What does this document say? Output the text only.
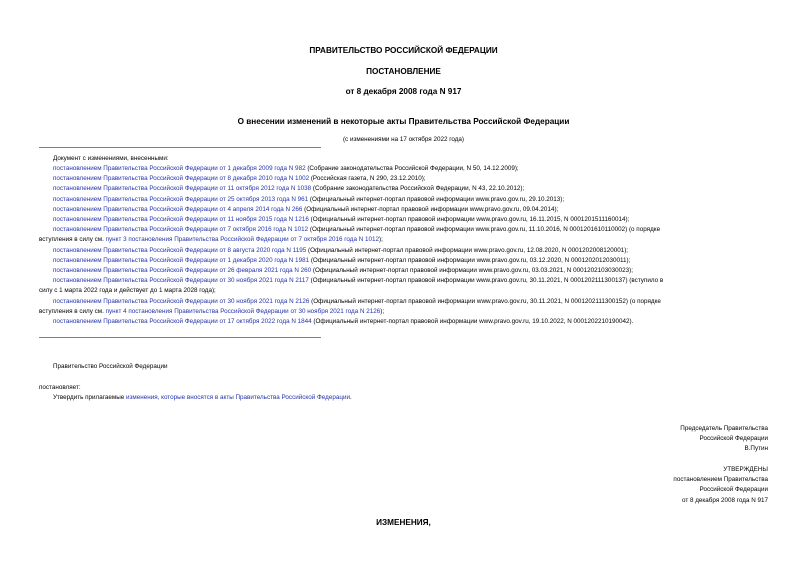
ПРАВИТЕЛЬСТВО РОССИЙСКОЙ ФЕДЕРАЦИИ
ПОСТАНОВЛЕНИЕ
от 8 декабря 2008 года N 917
О внесении изменений в некоторые акты Правительства Российской Федерации
(с изменениями на 17 октября 2022 года)
Документ с изменениями, внесенными:
постановлением Правительства Российской Федерации от 1 декабря 2009 года N 982 (Собрание законодательства Российской Федерации, N 50, 14.12.2009);
постановлением Правительства Российской Федерации от 8 декабря 2010 года N 1002 (Российская газета, N 290, 23.12.2010);
постановлением Правительства Российской Федерации от 11 октября 2012 года N 1038 (Собрание законодательства Российской Федерации, N 43, 22.10.2012);
постановлением Правительства Российской Федерации от 25 октября 2013 года N 961 (Официальный интернет-портал правовой информации www.pravo.gov.ru, 29.10.2013);
постановлением Правительства Российской Федерации от 4 апреля 2014 года N 266 (Официальный интернет-портал правовой информации www.pravo.gov.ru, 09.04.2014);
постановлением Правительства Российской Федерации от 11 ноября 2015 года N 1216 (Официальный интернет-портал правовой информации www.pravo.gov.ru, 16.11.2015, N 0001201511160014);
постановлением Правительства Российской Федерации от 7 октября 2016 года N 1012 (Официальный интернет-портал правовой информации www.pravo.gov.ru, 11.10.2016, N 0001201610110002) (о порядке
вступления в силу см. пункт 3 постановления Правительства Российской Федерации от 7 октября 2016 года N 1012);
постановлением Правительства Российской Федерации от 8 августа 2020 года N 1195 (Официальный интернет-портал правовой информации www.pravo.gov.ru, 12.08.2020, N 0001202008120001);
постановлением Правительства Российской Федерации от 1 декабря 2020 года N 1981 (Официальный интернет-портал правовой информации www.pravo.gov.ru, 03.12.2020, N 0001202012030011);
постановлением Правительства Российской Федерации от 26 февраля 2021 года N 260 (Официальный интернет-портал правовой информации www.pravo.gov.ru, 03.03.2021, N 0001202103030023);
постановлением Правительства Российской Федерации от 30 ноября 2021 года N 2117 (Официальный интернет-портал правовой информации www.pravo.gov.ru, 30.11.2021, N 0001202111300137) (вступило в
силу с 1 марта 2022 года и действует до 1 марта 2028 года);
постановлением Правительства Российской Федерации от 30 ноября 2021 года N 2126 (Официальный интернет-портал правовой информации www.pravo.gov.ru, 30.11.2021, N 0001202111300152) (о порядке
вступления в силу см. пункт 4 постановления Правительства Российской Федерации от 30 ноября 2021 года N 2126);
постановлением Правительства Российской Федерации от 17 октября 2022 года N 1844 (Официальный интернет-портал правовой информации www.pravo.gov.ru, 19.10.2022, N 0001202210190042).
Правительство Российской Федерации
постановляет:
Утвердить прилагаемые изменения, которые вносятся в акты Правительства Российской Федерации.
Председатель Правительства
Российской Федерации
В.Путин
УТВЕРЖДЕНЫ
постановлением Правительства
Российской Федерации
от 8 декабря 2008 года N 917
ИЗМЕНЕНИЯ,
